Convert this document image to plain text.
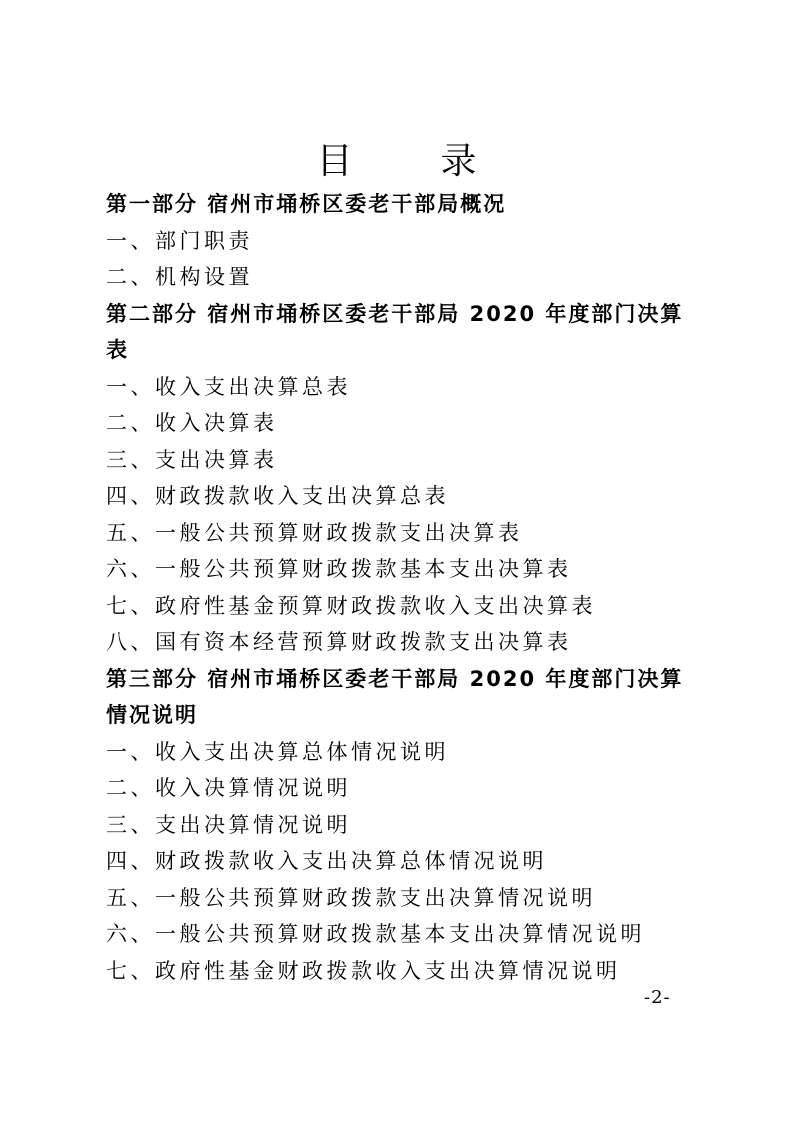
目　录

第一部分 宿州市埇桥区委老干部局概况

一、部门职责

二、机构设置

第二部分 宿州市埇桥区委老干部局 2020 年度部门决算表

一、收入支出决算总表

二、收入决算表

三、支出决算表

四、财政拨款收入支出决算总表

五、一般公共预算财政拨款支出决算表

六、一般公共预算财政拨款基本支出决算表

七、政府性基金预算财政拨款收入支出决算表

八、国有资本经营预算财政拨款支出决算表

第三部分 宿州市埇桥区委老干部局 2020 年度部门决算情况说明

一、收入支出决算总体情况说明

二、收入决算情况说明

三、支出决算情况说明

四、财政拨款收入支出决算总体情况说明

五、一般公共预算财政拨款支出决算情况说明

六、一般公共预算财政拨款基本支出决算情况说明

七、政府性基金财政拨款收入支出决算情况说明

-2-
